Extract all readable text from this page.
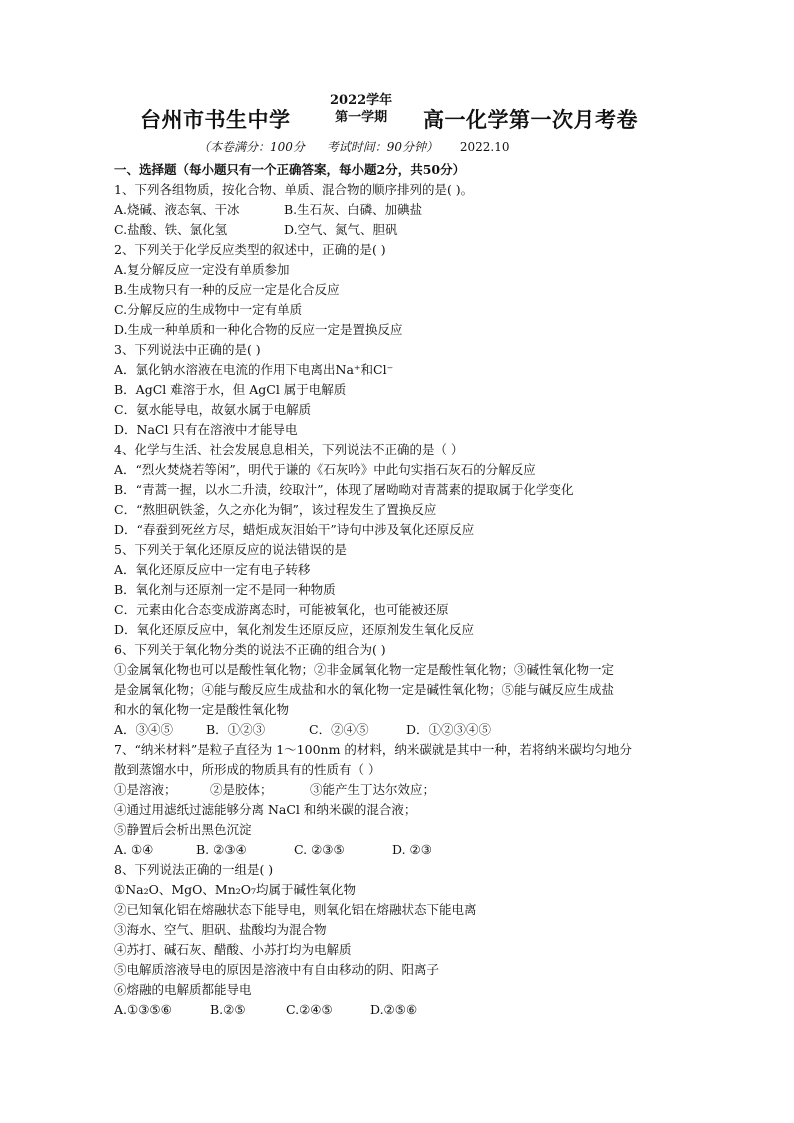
台州市书生中学
2022学年
第一学期 高一化学第一次月考卷
（本卷满分：100分 考试时间：90分钟） 2022.10
一、选择题（每小题只有一个正确答案，每小题2分，共50分）
1、下列各组物质，按化合物、单质、混合物的顺序排列的是( )。
A.烧碱、液态氧、干冰	B.生石灰、白磷、加碘盐
C.盐酸、铁、氯化氢	D.空气、氮气、胆矾
2、下列关于化学反应类型的叙述中，正确的是( )
A.复分解反应一定没有单质参加
B.生成物只有一种的反应一定是化合反应
C.分解反应的生成物中一定有单质
D.生成一种单质和一种化合物的反应一定是置换反应
3、下列说法中正确的是( )
A．氯化钠水溶液在电流的作用下电离出Na⁺和Cl⁻
B．AgCl 难溶于水，但 AgCl 属于电解质
C．氨水能导电，故氨水属于电解质
D．NaCl 只有在溶液中才能导电
4、化学与生活、社会发展息息相关，下列说法不正确的是（ ）
A．“烈火焚烧若等闲”，明代于谦的《石灰吟》中此句实指石灰石的分解反应
B．“青蒿一握，以水二升渍，绞取汁”，体现了屠呦呦对青蒿素的提取属于化学变化
C．“熬胆矾铁釜，久之亦化为铜”，该过程发生了置换反应
D．“春蚕到死丝方尽，蜡炬成灰泪始干”诗句中涉及氧化还原反应
5、下列关于氧化还原反应的说法错误的是
A．氧化还原反应中一定有电子转移
B．氧化剂与还原剂一定不是同一种物质
C．元素由化合态变成游离态时，可能被氧化，也可能被还原
D．氧化还原反应中，氧化剂发生还原反应，还原剂发生氧化反应
6、下列关于氧化物分类的说法不正确的组合为( )
①金属氧化物也可以是酸性氧化物；②非金属氧化物一定是酸性氧化物；③碱性氧化物一定
是金属氧化物；④能与酸反应生成盐和水的氧化物一定是碱性氧化物；⑤能与碱反应生成盐
和水的氧化物一定是酸性氧化物
A．③④⑤	B．①②③	C．②④⑤	D．①②③④⑤
7、“纳米材料”是粒子直径为 1～100nm 的材料，纳米碳就是其中一种，若将纳米碳均匀地分
散到蒸馏水中，所形成的物质具有的性质有（ ）
①是溶液；	②是胶体；	③能产生丁达尔效应；
④通过用滤纸过滤能够分离 NaCl 和纳米碳的混合液；
⑤静置后会析出黑色沉淀
A. ①④	B. ②③④	C. ②③⑤	D. ②③
8、下列说法正确的一组是( )
①Na₂O、MgO、Mn₂O₇均属于碱性氧化物
②已知氧化铝在熔融状态下能导电，则氧化铝在熔融状态下能电离
③海水、空气、胆矾、盐酸均为混合物
④苏打、碱石灰、醋酸、小苏打均为电解质
⑤电解质溶液导电的原因是溶液中有自由移动的阴、阳离子
⑥熔融的电解质都能导电
A.①③⑤⑥	B.②⑤	C.②④⑤	D.②⑤⑥
